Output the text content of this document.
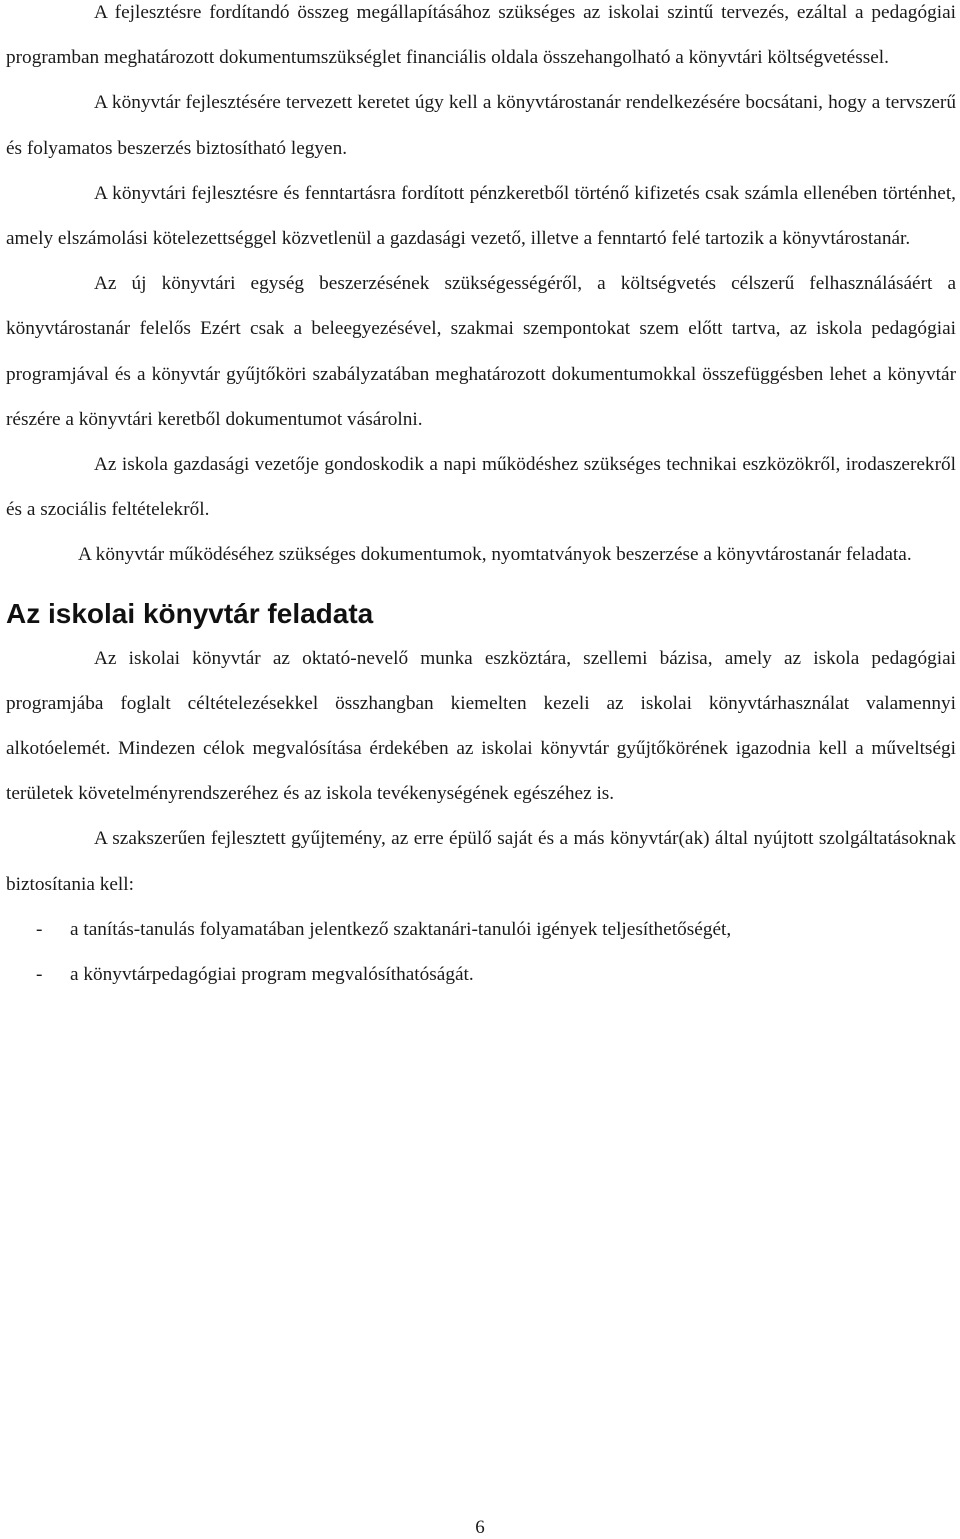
A fejlesztésre fordítandó összeg megállapításához szükséges az iskolai szintű tervezés, ezáltal a pedagógiai programban meghatározott dokumentumszükséglet financiális oldala összehangolható a könyvtári költségvetéssel.

A könyvtár fejlesztésére tervezett keretet úgy kell a könyvtárostanár rendelkezésére bocsátani, hogy a tervszerű és folyamatos beszerzés biztosítható legyen.

A könyvtári fejlesztésre és fenntartásra fordított pénzkeretből történő kifizetés csak számla ellenében történhet, amely elszámolási kötelezettséggel közvetlenül a gazdasági vezető, illetve a fenntartó felé tartozik a könyvtárostanár.

Az új könyvtári egység beszerzésének szükségességéről, a költségvetés célszerű felhasználásáért a könyvtárostanár felelős Ezért csak a beleegyezésével, szakmai szempontokat szem előtt tartva, az iskola pedagógiai programjával és a könyvtár gyűjtőköri szabályzatában meghatározott dokumentumokkal összefüggésben lehet a könyvtár részére a könyvtári keretből dokumentumot vásárolni.

Az iskola gazdasági vezetője gondoskodik a napi működéshez szükséges technikai eszközökről, irodaszerekről és a szociális feltételekről.

A könyvtár működéséhez szükséges dokumentumok, nyomtatványok beszerzése a könyvtárostanár feladata.

Az iskolai könyvtár feladata

Az iskolai könyvtár az oktató-nevelő munka eszköztára, szellemi bázisa, amely az iskola pedagógiai programjába foglalt céltételezésekkel összhangban kiemelten kezeli az iskolai könyvtárhasználat valamennyi alkotóelemét. Mindezen célok megvalósítása érdekében az iskolai könyvtár gyűjtőkörének igazodnia kell a műveltségi területek követelményrendszeréhez és az iskola tevékenységének egészéhez is.

A szakszerűen fejlesztett gyűjtemény, az erre épülő saját és a más könyvtár(ak) által nyújtott szolgáltatásoknak biztosítania kell:

-	a tanítás-tanulás folyamatában jelentkező szaktanári-tanulói igények teljesíthetőségét,
-	a könyvtárpedagógiai program megvalósíthatóságát.
6
